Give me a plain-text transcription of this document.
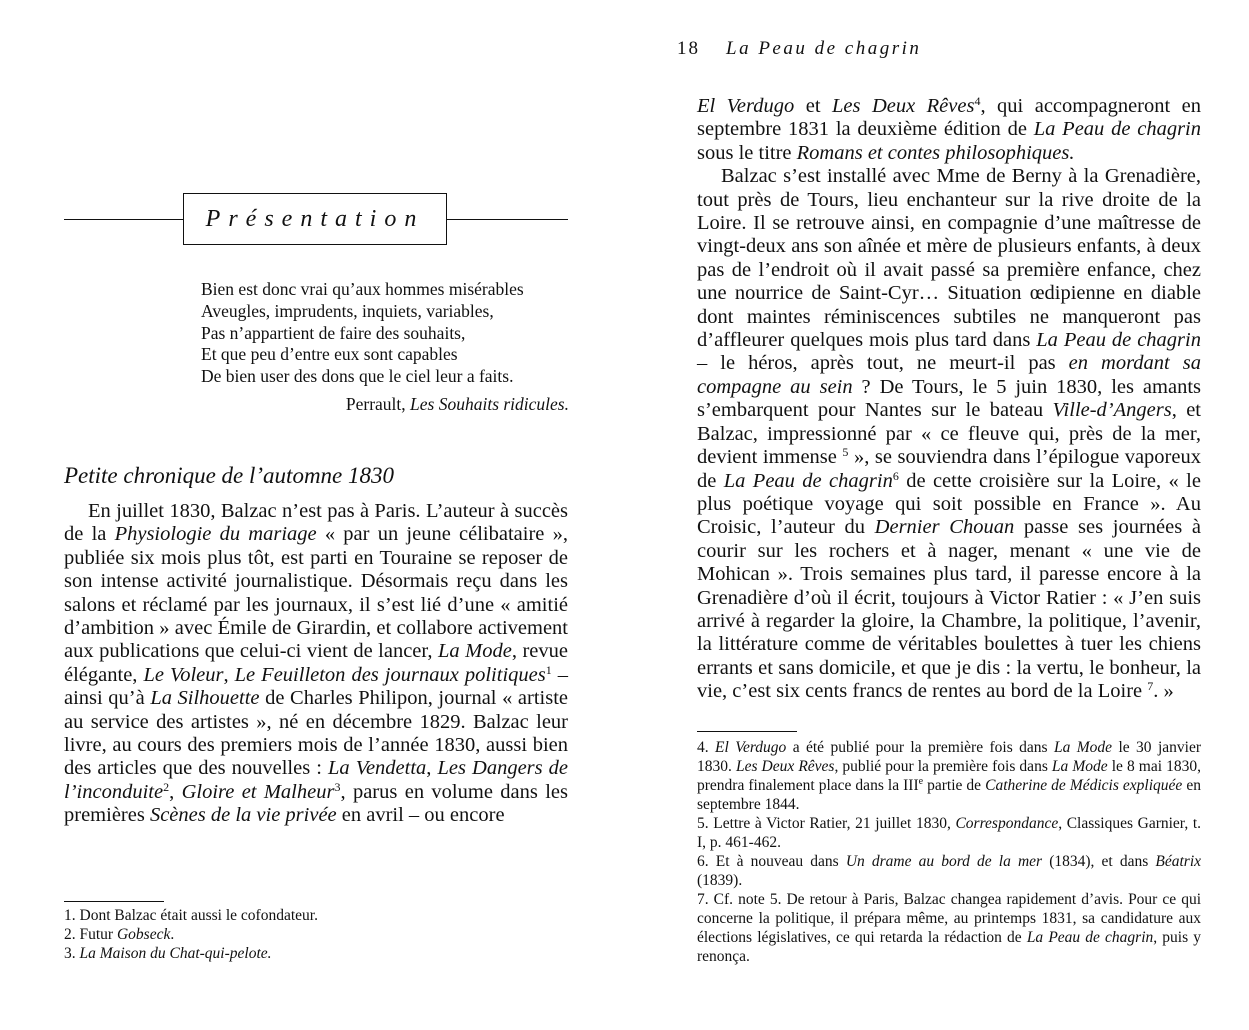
Présentation
Bien est donc vrai qu’aux hommes misérables
Aveugles, imprudents, inquiets, variables,
Pas n’appartient de faire des souhaits,
Et que peu d’entre eux sont capables
De bien user des dons que le ciel leur a faits.
Perrault, Les Souhaits ridicules.
Petite chronique de l’automne 1830

En juillet 1830, Balzac n’est pas à Paris. L’auteur à succès de la Physiologie du mariage « par un jeune célibataire », publiée six mois plus tôt, est parti en Touraine se reposer de son intense activité journalistique. Désormais reçu dans les salons et réclamé par les journaux, il s’est lié d’une « amitié d’ambition » avec Émile de Girardin, et collabore activement aux publications que celui-ci vient de lancer, La Mode, revue élégante, Le Voleur, Le Feuilleton des journaux politiques$^1$ – ainsi qu’à La Silhouette de Charles Philipon, journal « artiste au service des artistes », né en décembre 1829. Balzac leur livre, au cours des premiers mois de l’année 1830, aussi bien des articles que des nouvelles : La Vendetta, Les Dangers de l’inconduite$^2$, Gloire et Malheur$^3$, parus en volume dans les premières Scènes de la vie privée en avril – ou encore

1. Dont Balzac était aussi le cofondateur.

2. Futur Gobseck.

3. La Maison du Chat-qui-pelote.

18 La Peau de chagrin

El Verdugo et Les Deux Rêves$^4$, qui accompagneront en septembre 1831 la deuxième édition de La Peau de chagrin sous le titre Romans et contes philosophiques.

Balzac s’est installé avec Mme de Berny à la Grenadière, tout près de Tours, lieu enchanteur sur la rive droite de la Loire. Il se retrouve ainsi, en compagnie d’une maîtresse de vingt-deux ans son aînée et mère de plusieurs enfants, à deux pas de l’endroit où il avait passé sa première enfance, chez une nourrice de Saint-Cyr… Situation œdipienne en diable dont maintes réminiscences subtiles ne manqueront pas d’affleurer quelques mois plus tard dans La Peau de chagrin – le héros, après tout, ne meurt-il pas en mordant sa compagne au sein ? De Tours, le 5 juin 1830, les amants s’embarquent pour Nantes sur le bateau Ville-d’Angers, et Balzac, impressionné par « ce fleuve qui, près de la mer, devient immense $^5$ », se souviendra dans l’épilogue vaporeux de La Peau de chagrin$^6$ de cette croisière sur la Loire, « le plus poétique voyage qui soit possible en France ». Au Croisic, l’auteur du Dernier Chouan passe ses journées à courir sur les rochers et à nager, menant « une vie de Mohican ». Trois semaines plus tard, il paresse encore à la Grenadière d’où il écrit, toujours à Victor Ratier : « J’en suis arrivé à regarder la gloire, la Chambre, la politique, l’avenir, la littérature comme de véritables boulettes à tuer les chiens errants et sans domicile, et que je dis : la vertu, le bonheur, la vie, c’est six cents francs de rentes au bord de la Loire $^7$. »

4. El Verdugo a été publié pour la première fois dans La Mode le 30 janvier 1830. Les Deux Rêves, publié pour la première fois dans La Mode le 8 mai 1830, prendra finalement place dans la IIIe partie de Catherine de Médicis expliquée en septembre 1844.

5. Lettre à Victor Ratier, 21 juillet 1830, Correspondance, Classiques Garnier, t. I, p. 461-462.

6. Et à nouveau dans Un drame au bord de la mer (1834), et dans Béatrix (1839).

7. Cf. note 5. De retour à Paris, Balzac changea rapidement d’avis. Pour ce qui concerne la politique, il prépara même, au printemps 1831, sa candidature aux élections législatives, ce qui retarda la rédaction de La Peau de chagrin, puis y renonça.
